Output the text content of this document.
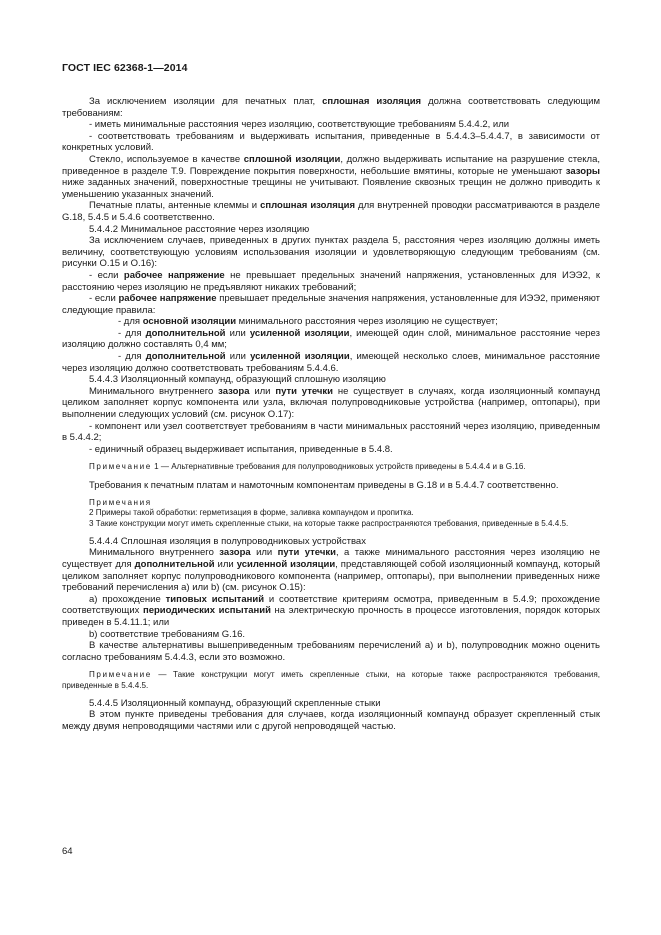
ГОСТ IEC 62368-1—2014

За исключением изоляции для печатных плат, сплошная изоляция должна соответствовать следующим требованиям:

- иметь минимальные расстояния через изоляцию, соответствующие требованиям 5.4.4.2, или

- соответствовать требованиям и выдерживать испытания, приведенные в 5.4.4.3–5.4.4.7, в зависимости от конкретных условий.

Стекло, используемое в качестве сплошной изоляции, должно выдерживать испытание на разрушение стекла, приведенное в разделе T.9. Повреждение покрытия поверхности, небольшие вмятины, которые не уменьшают зазоры ниже заданных значений, поверхностные трещины не учитывают. Появление сквозных трещин не должно приводить к уменьшению указанных значений.

Печатные платы, антенные клеммы и сплошная изоляция для внутренней проводки рассматриваются в разделе G.18, 5.4.5 и 5.4.6 соответственно.

5.4.4.2 Минимальное расстояние через изоляцию

За исключением случаев, приведенных в других пунктах раздела 5, расстояния через изоляцию должны иметь величину, соответствующую условиям использования изоляции и удовлетворяющую следующим требованиям (см. рисунки O.15 и O.16):

- если рабочее напряжение не превышает предельных значений напряжения, установленных для ИЭЭ2, к расстоянию через изоляцию не предъявляют никаких требований;

- если рабочее напряжение превышает предельные значения напряжения, установленные для ИЭЭ2, применяют следующие правила:

- для основной изоляции минимального расстояния через изоляцию не существует;

- для дополнительной или усиленной изоляции, имеющей один слой, минимальное расстояние через изоляцию должно составлять 0,4 мм;

- для дополнительной или усиленной изоляции, имеющей несколько слоев, минимальное расстояние через изоляцию должно соответствовать требованиям 5.4.4.6.

5.4.4.3 Изоляционный компаунд, образующий сплошную изоляцию

Минимального внутреннего зазора или пути утечки не существует в случаях, когда изоляционный компаунд целиком заполняет корпус компонента или узла, включая полупроводниковые устройства (например, оптопары), при выполнении следующих условий (см. рисунок O.17):

- компонент или узел соответствует требованиям в части минимальных расстояний через изоляцию, приведенным в 5.4.4.2;

- единичный образец выдерживает испытания, приведенные в 5.4.8.

Примечание 1 — Альтернативные требования для полупроводниковых устройств приведены в 5.4.4.4 и в G.16.

Требования к печатным платам и намоточным компонентам приведены в G.18 и в 5.4.4.7 соответственно.

Примечания

2 Примеры такой обработки: герметизация в форме, заливка компаундом и пропитка.

3 Такие конструкции могут иметь скрепленные стыки, на которые также распространяются требования, приведенные в 5.4.4.5.

5.4.4.4 Сплошная изоляция в полупроводниковых устройствах

Минимального внутреннего зазора или пути утечки, а также минимального расстояния через изоляцию не существует для дополнительной или усиленной изоляции, представляющей собой изоляционный компаунд, который целиком заполняет корпус полупроводникового компонента (например, оптопары), при выполнении приведенных ниже требований перечисления а) или b) (см. рисунок O.15):

а) прохождение типовых испытаний и соответствие критериям осмотра, приведенным в 5.4.9; прохождение соответствующих периодических испытаний на электрическую прочность в процессе изготовления, порядок которых приведен в 5.4.11.1; или

b) соответствие требованиям G.16.

В качестве альтернативы вышеприведенным требованиям перечислений а) и b), полупроводник можно оценить согласно требованиям 5.4.4.3, если это возможно.

Примечание — Такие конструкции могут иметь скрепленные стыки, на которые также распространяются требования, приведенные в 5.4.4.5.

5.4.4.5 Изоляционный компаунд, образующий скрепленные стыки

В этом пункте приведены требования для случаев, когда изоляционный компаунд образует скрепленный стык между двумя непроводящими частями или с другой непроводящей частью.

64
